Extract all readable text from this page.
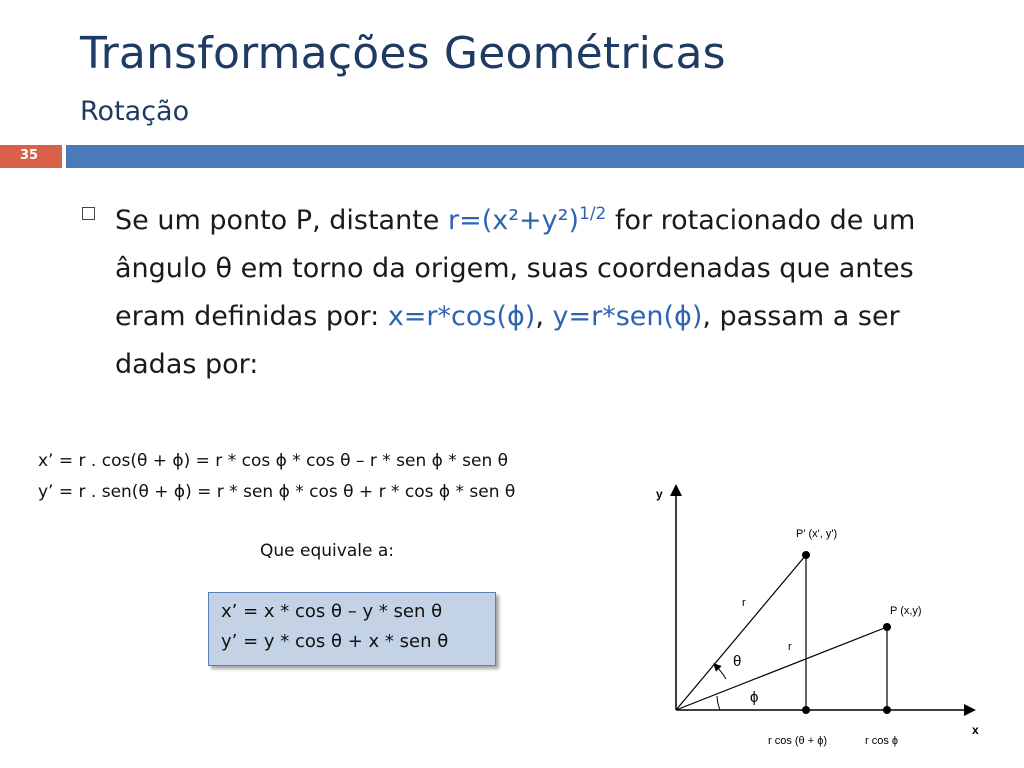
Transformações Geométricas
Rotação
35
Se um ponto P, distante $r=(x^2+y^2)^{1/2}$ for rotacionado de um ângulo θ em torno da origem, suas coordenadas que antes eram definidas por: x=r*cos(ϕ), y=r*sen(ϕ), passam a ser dadas por:
x’ = r . cos(θ + ϕ) = r * cos ϕ * cos θ – r * sen ϕ * sen θ
y’ = r . sen(θ + ϕ) = r * sen ϕ * cos θ + r * cos ϕ * sen θ
Que equivale a:
x’ = x * cos θ – y * sen θ
y’ = y * cos θ + x * sen θ
y
x
P' (x', y')
P (x,y)
r
r
θ
ϕ
r cos (θ + ϕ)	r cos ϕ
